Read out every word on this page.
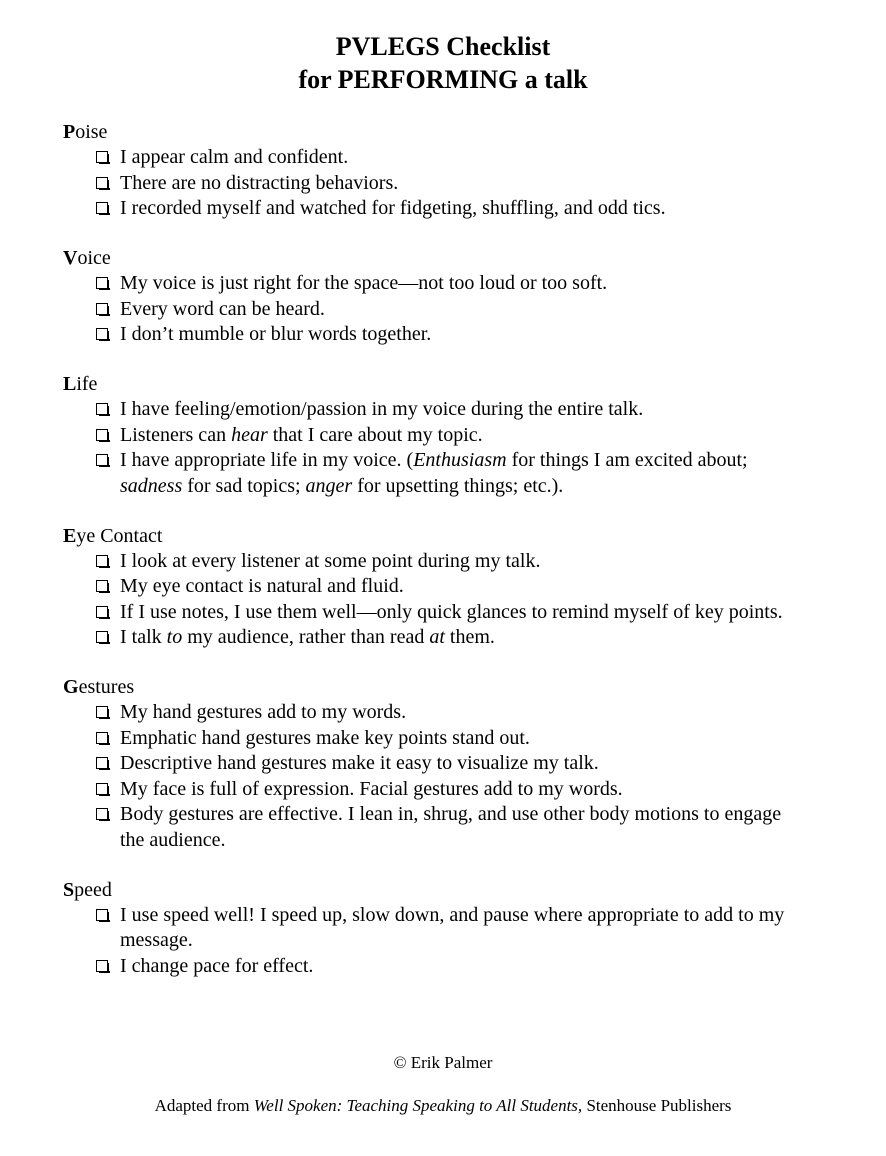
PVLEGS Checklist
for PERFORMING a talk
Poise
I appear calm and confident.
There are no distracting behaviors.
I recorded myself and watched for fidgeting, shuffling, and odd tics.
Voice
My voice is just right for the space—not too loud or too soft.
Every word can be heard.
I don’t mumble or blur words together.
Life
I have feeling/emotion/passion in my voice during the entire talk.
Listeners can hear that I care about my topic.
I have appropriate life in my voice. (Enthusiasm for things I am excited about; sadness for sad topics; anger for upsetting things; etc.).
Eye Contact
I look at every listener at some point during my talk.
My eye contact is natural and fluid.
If I use notes, I use them well—only quick glances to remind myself of key points.
I talk to my audience, rather than read at them.
Gestures
My hand gestures add to my words.
Emphatic hand gestures make key points stand out.
Descriptive hand gestures make it easy to visualize my talk.
My face is full of expression. Facial gestures add to my words.
Body gestures are effective. I lean in, shrug, and use other body motions to engage the audience.
Speed
I use speed well! I speed up, slow down, and pause where appropriate to add to my message.
I change pace for effect.
© Erik Palmer
Adapted from Well Spoken: Teaching Speaking to All Students, Stenhouse Publishers
